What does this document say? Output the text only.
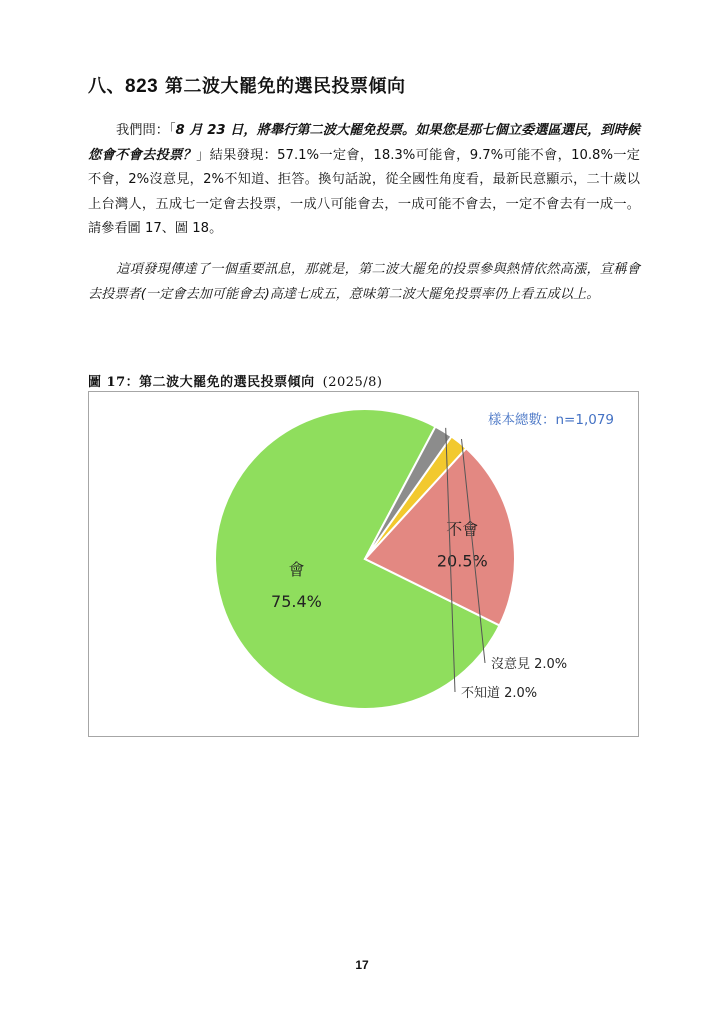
八、823 第二波大罷免的選民投票傾向
我們問：「8 月 23 日，將舉行第二波大罷免投票。如果您是那七個立委選區選民，到時候您會不會去投票？」結果發現：57.1%一定會，18.3%可能會，9.7%可能不會，10.8%一定不會，2%沒意見，2%不知道、拒答。換句話說，從全國性角度看，最新民意顯示，二十歲以上台灣人，五成七一定會去投票，一成八可能會去，一成可能不會去，一定不會去有一成一。請參看圖 17、圖 18。
這項發現傳達了一個重要訊息，那就是，第二波大罷免的投票參與熱情依然高漲，宣稱會去投票者(一定會去加可能會去)高達七成五，意味第二波大罷免投票率仍上看五成以上。
圖 17：第二波大罷免的選民投票傾向 (2025/8)
樣本總數：n=1,079
會
75.4%
不會
20.5%
沒意見 2.0%
不知道 2.0%
17
